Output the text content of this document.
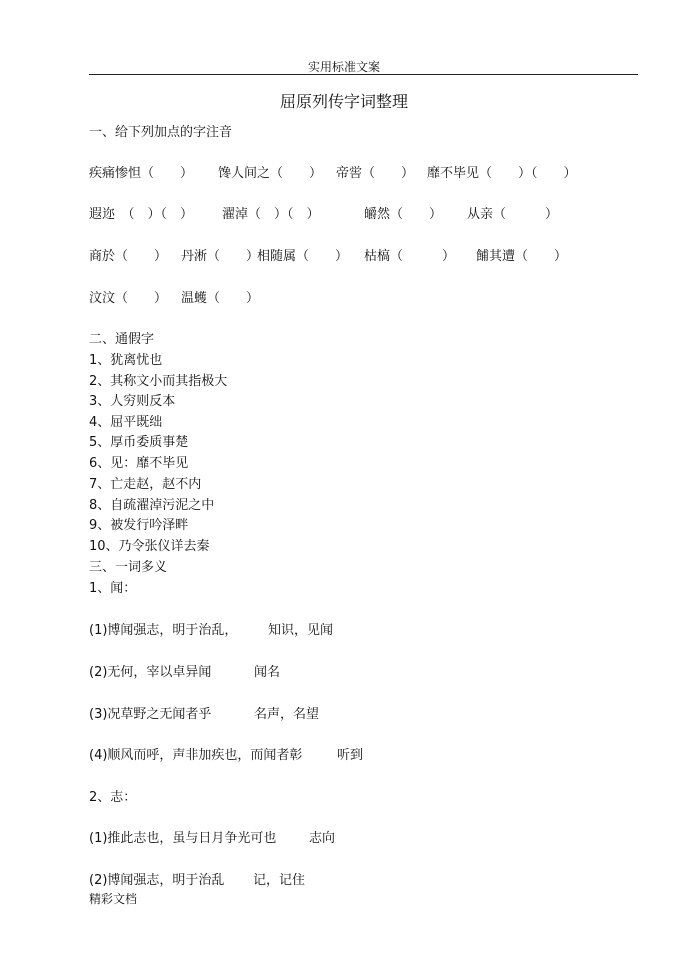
实用标准文案
屈原列传字词整理
一、给下列加点的字注音
疾痛惨怛（　　） 馋人间之（　　） 帝喾（　　） 靡不毕见（　　）（　　）
遐迩　（　）（　） 濯淖（　）（　）	皭然（　　） 从亲（　　　）
商於（　　） 丹淅（　　）
相随属（　　） 枯槁（　　　） 餔其遭（　　）
汶汶（　　） 温蠖（　　）
二、通假字
1、犹离忧也
2、其称文小而其指极大
3、人穷则反本
4、屈平既绌
5、厚币委质事楚
6、见：靡不毕见
7、亡走赵，赵不内
8、自疏濯淖污泥之中
9、被发行吟泽畔
10、乃令张仪详去秦
三、一词多义
1、闻：
(1)博闻强志，明于治乱， 知识，见闻
(2)无何，宰以卓异闻	闻名
(3)况草野之无闻者乎	名声，名望
(4)顺风而呼，声非加疾也，而闻者彰	听到
2、志：
(1)推此志也，虽与日月争光可也	志向
(2)博闻强志，明于治乱 记，记住
精彩文档
